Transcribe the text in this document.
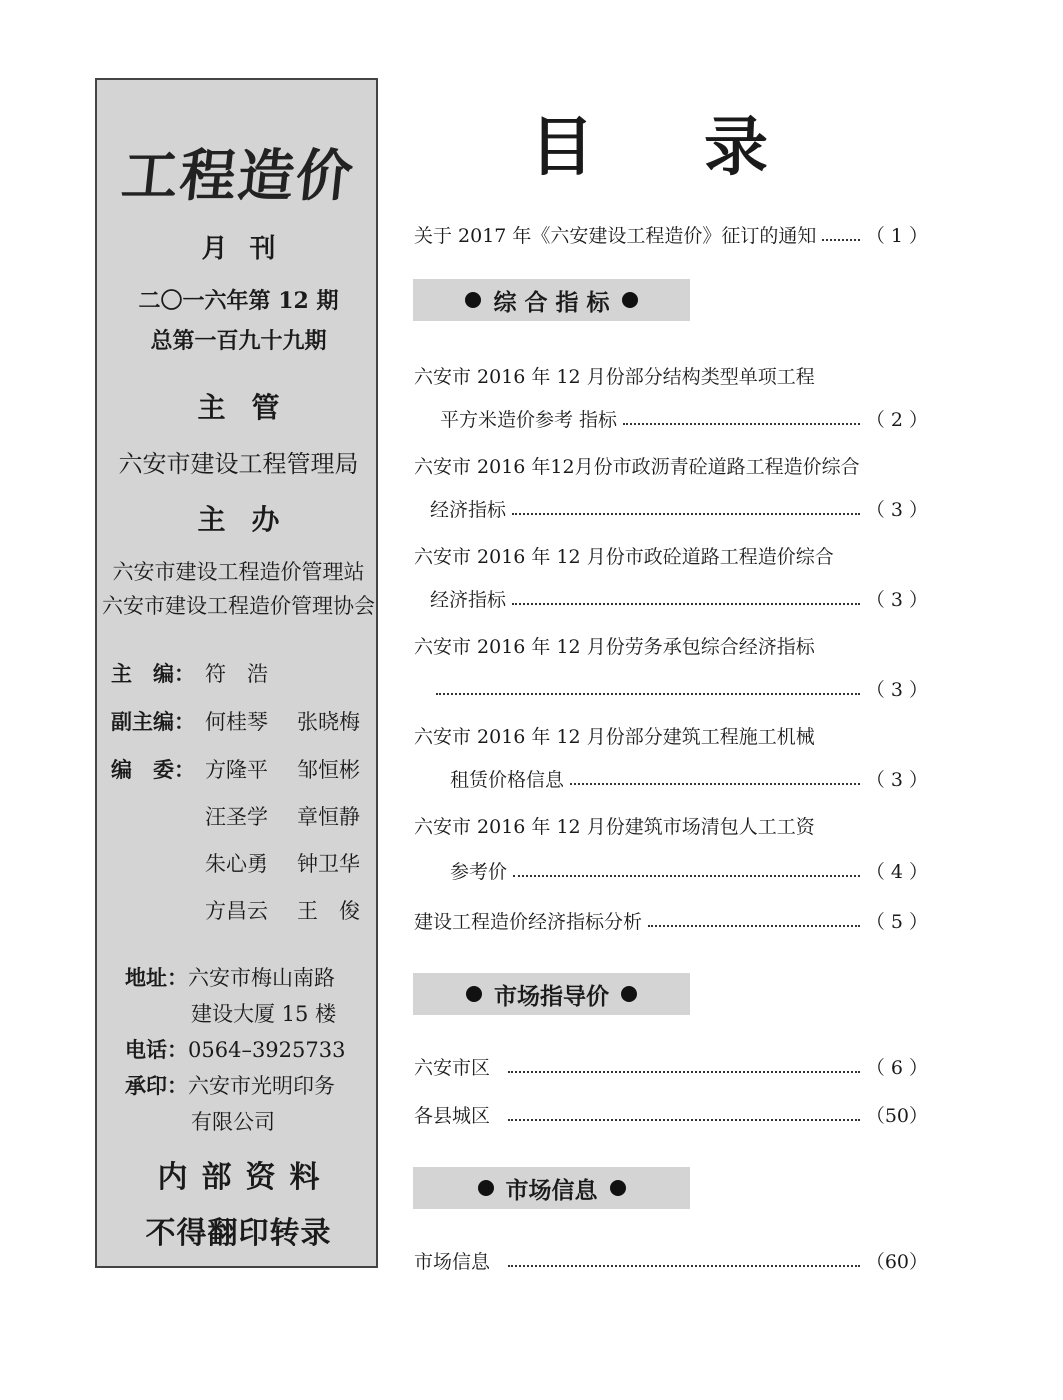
工程造价
月刊
二〇一六年第 12 期
总第一百九十九期
主管
六安市建设工程管理局
主办
六安市建设工程造价管理站
六安市建设工程造价管理协会
主　编： 符　浩
副主编： 何桂琴 张晓梅
编　委： 方隆平 邹恒彬
汪圣学 章恒静
朱心勇 钟卫华
方昌云 王　俊
地址：六安市梅山南路
建设大厦 15 楼
电话：0564–3925733
承印：六安市光明印务
有限公司
内部资料
不得翻印转录
目录
关于 2017 年《六安建设工程造价》征订的通知	（ 1 ）
综 合 指 标
六安市 2016 年 12 月份部分结构类型单项工程
平方米造价参考 指标	（ 2 ）
六安市 2016 年12月份市政沥青砼道路工程造价综合
经济指标	（ 3 ）
六安市 2016 年 12 月份市政砼道路工程造价综合
经济指标	（ 3 ）
六安市 2016 年 12 月份劳务承包综合经济指标
（ 3 ）
六安市 2016 年 12 月份部分建筑工程施工机械
租赁价格信息	（ 3 ）
六安市 2016 年 12 月份建筑市场清包人工工资
参考价	（ 4 ）
建设工程造价经济指标分析	（ 5 ）
市场指导价
六安市区	（ 6 ）
各县城区	（50）
市场信息
市场信息	（60）
